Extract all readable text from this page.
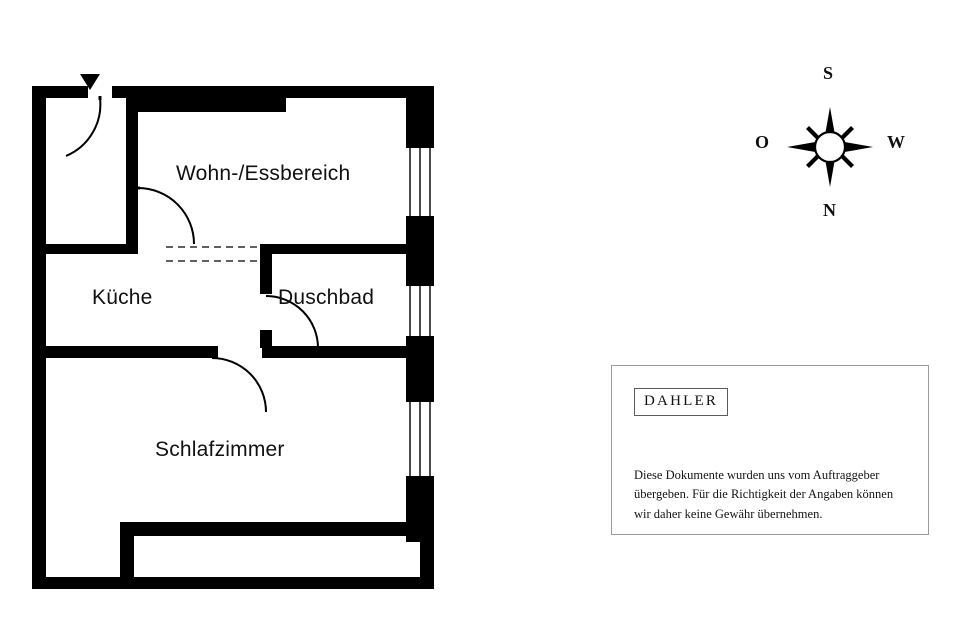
Wohn-/Essbereich
Küche	Duschbad
Schlafzimmer
S
N
O	W
DAHLER
Diese Dokumente wurden uns vom Auftraggeber übergeben. Für die Richtigkeit der Angaben können wir daher keine Gewähr übernehmen.
